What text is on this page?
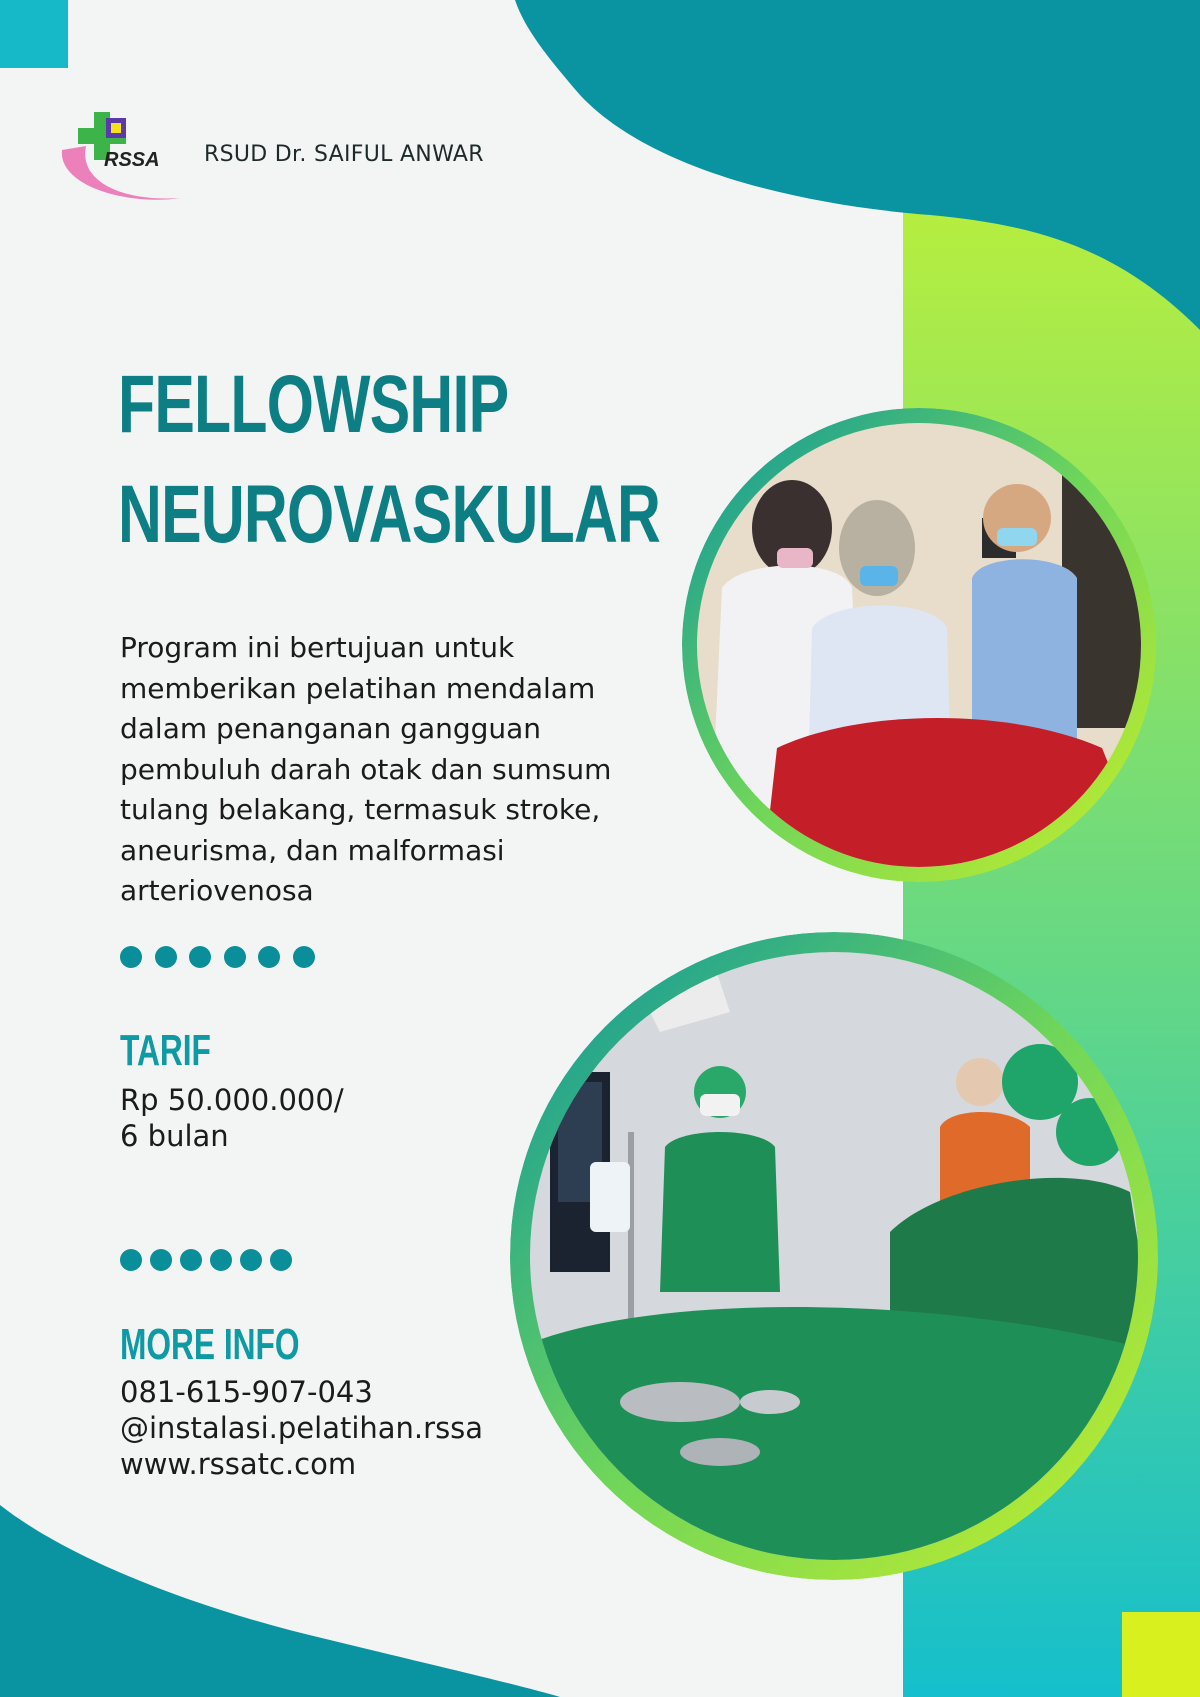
RSSA RSUD Dr. SAIFUL ANWAR
FELLOWSHIP
NEUROVASKULAR
Program ini bertujuan untuk memberikan pelatihan mendalam dalam penanganan gangguan pembuluh darah otak dan sumsum tulang belakang, termasuk stroke, aneurisma, dan malformasi arteriovenosa
TARIF
Rp 50.000.000/
6 bulan
MORE INFO
081-615-907-043
@instalasi.pelatihan.rssa
www.rssatc.com
